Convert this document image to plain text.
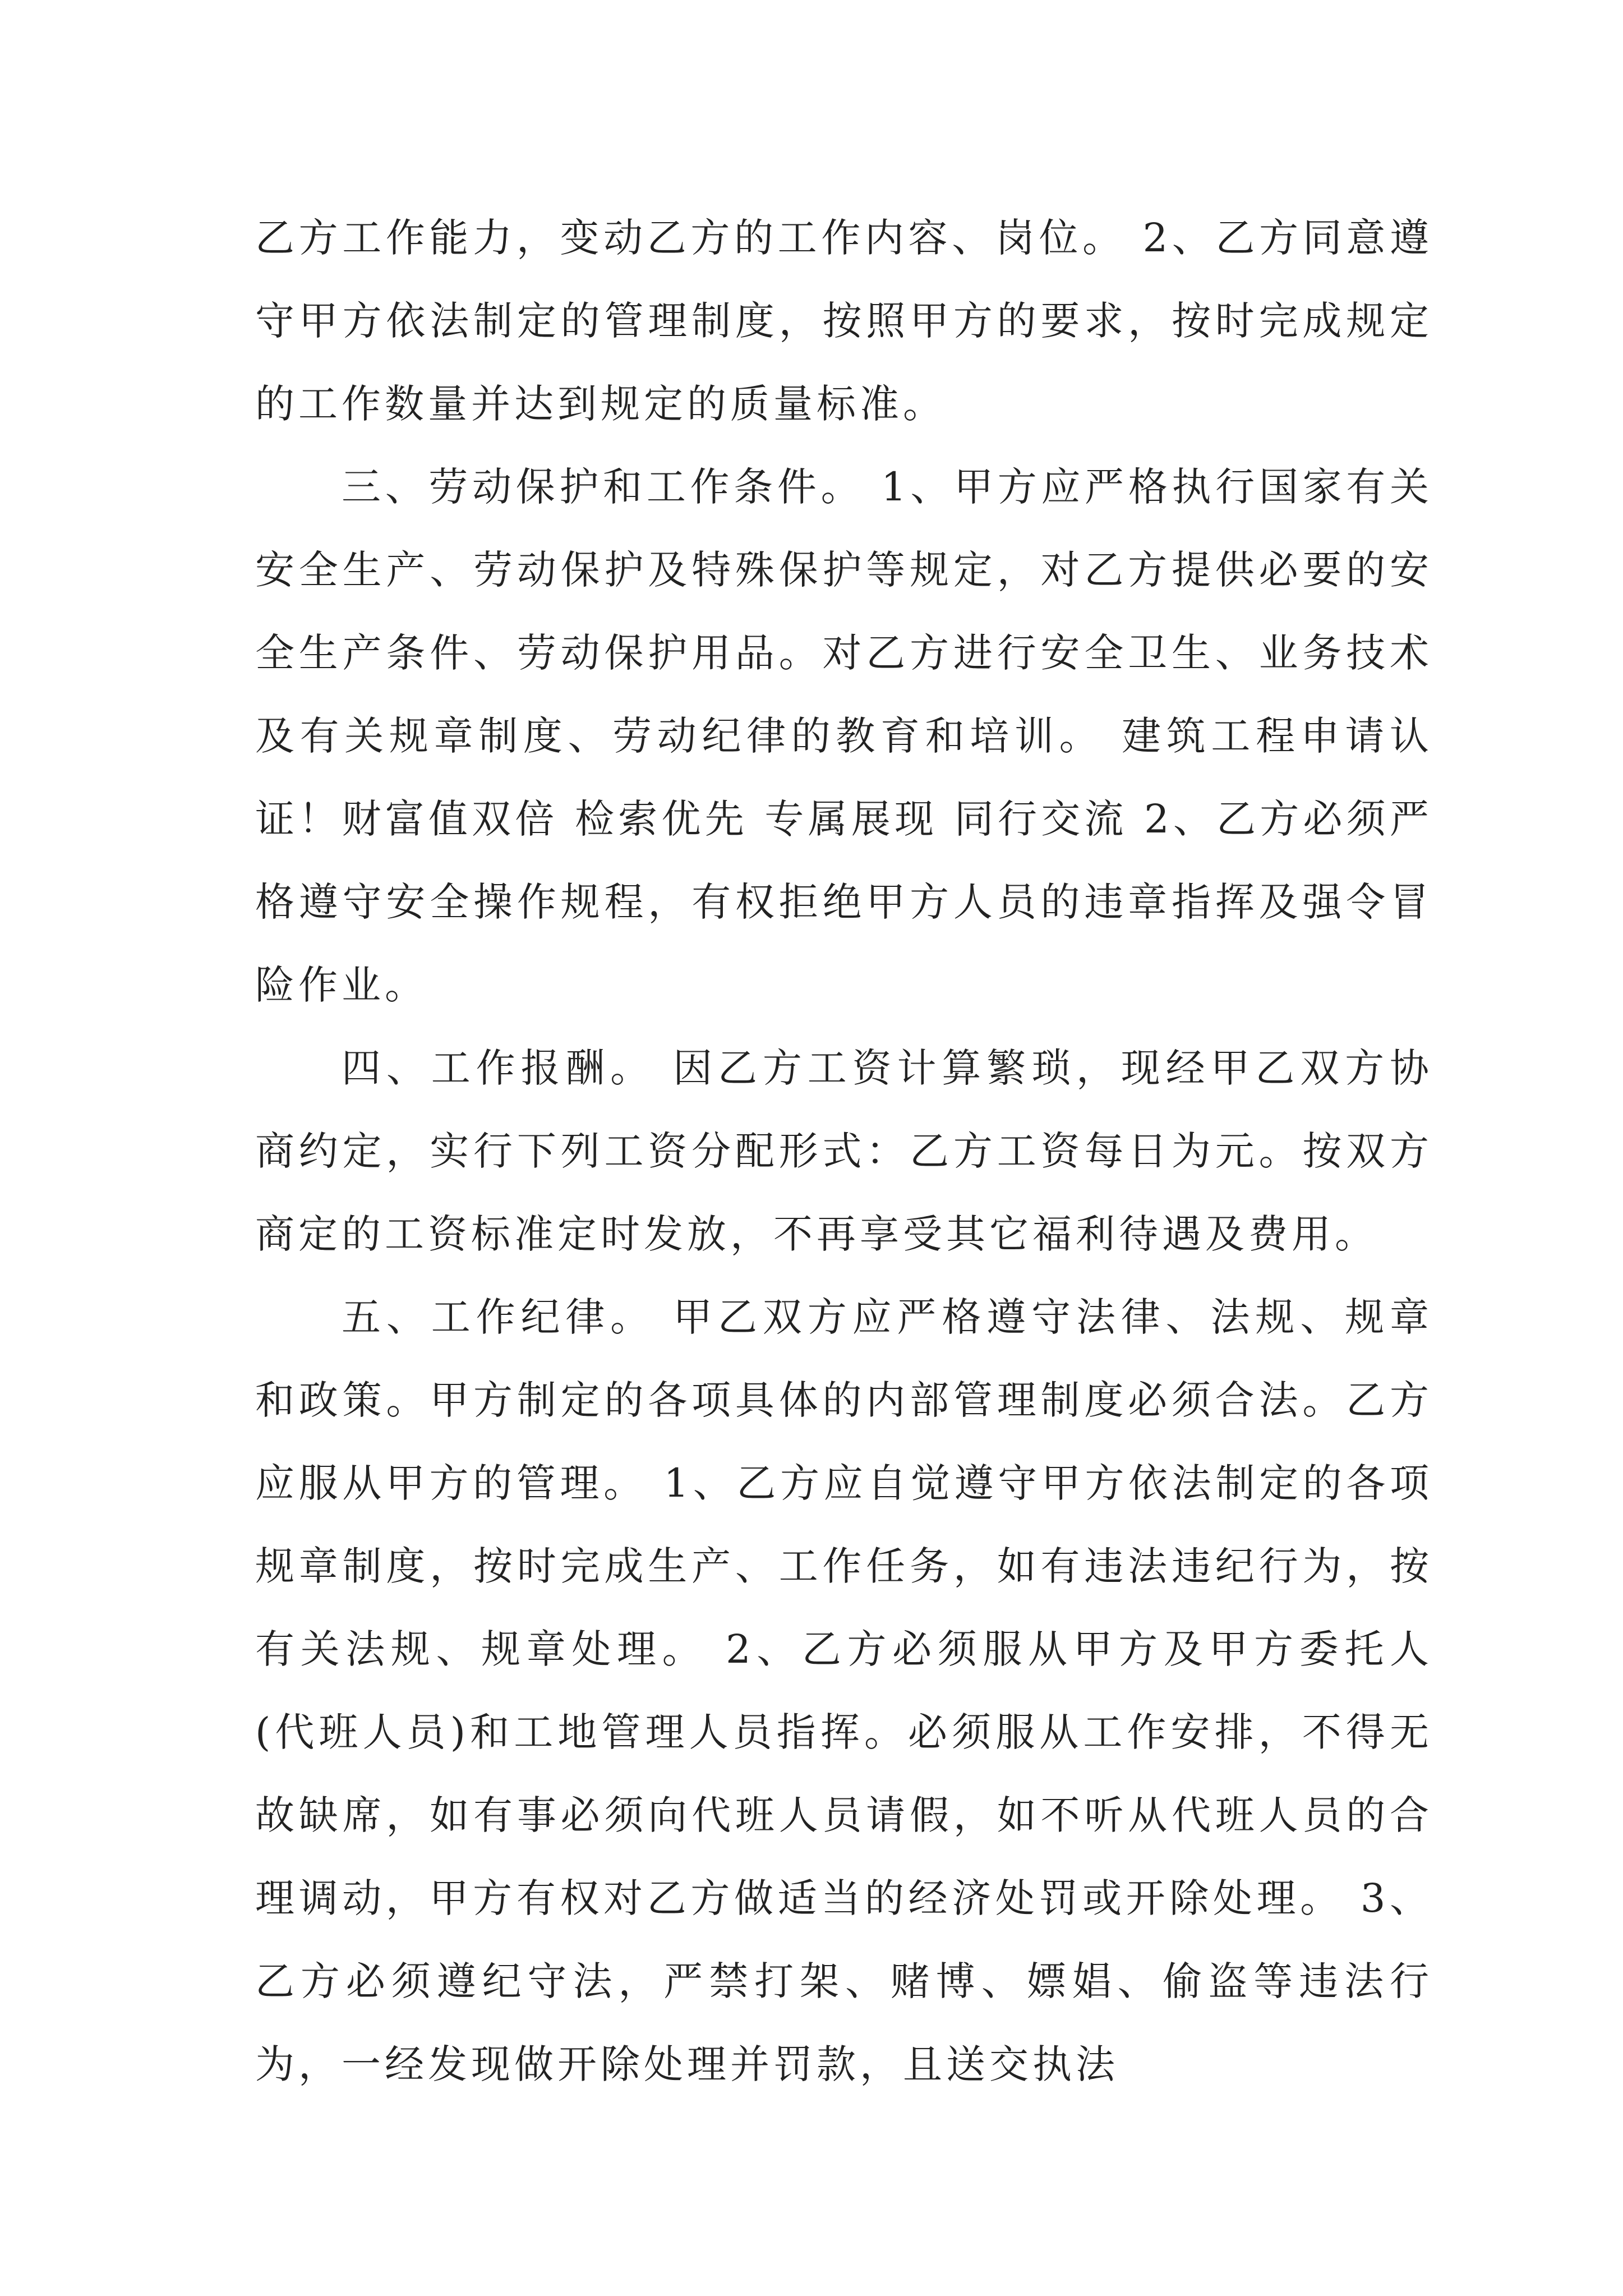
乙方工作能力，变动乙方的工作内容、岗位。 2、乙方同意遵守甲方依法制定的管理制度，按照甲方的要求，按时完成规定的工作数量并达到规定的质量标准。

三、劳动保护和工作条件。 1、甲方应严格执行国家有关安全生产、劳动保护及特殊保护等规定，对乙方提供必要的安全生产条件、劳动保护用品。对乙方进行安全卫生、业务技术及有关规章制度、劳动纪律的教育和培训。 建筑工程申请认证！财富值双倍 检索优先 专属展现 同行交流 2、乙方必须严格遵守安全操作规程，有权拒绝甲方人员的违章指挥及强令冒险作业。

四、工作报酬。 因乙方工资计算繁琐，现经甲乙双方协商约定，实行下列工资分配形式：乙方工资每日为元。按双方商定的工资标准定时发放，不再享受其它福利待遇及费用。

五、工作纪律。 甲乙双方应严格遵守法律、法规、规章和政策。甲方制定的各项具体的内部管理制度必须合法。乙方应服从甲方的管理。 1、乙方应自觉遵守甲方依法制定的各项规章制度，按时完成生产、工作任务，如有违法违纪行为，按有关法规、规章处理。 2、乙方必须服从甲方及甲方委托人(代班人员)和工地管理人员指挥。必须服从工作安排，不得无故缺席，如有事必须向代班人员请假，如不听从代班人员的合理调动，甲方有权对乙方做适当的经济处罚或开除处理。 3、乙方必须遵纪守法，严禁打架、赌博、嫖娼、偷盗等违法行为，一经发现做开除处理并罚款，且送交执法
